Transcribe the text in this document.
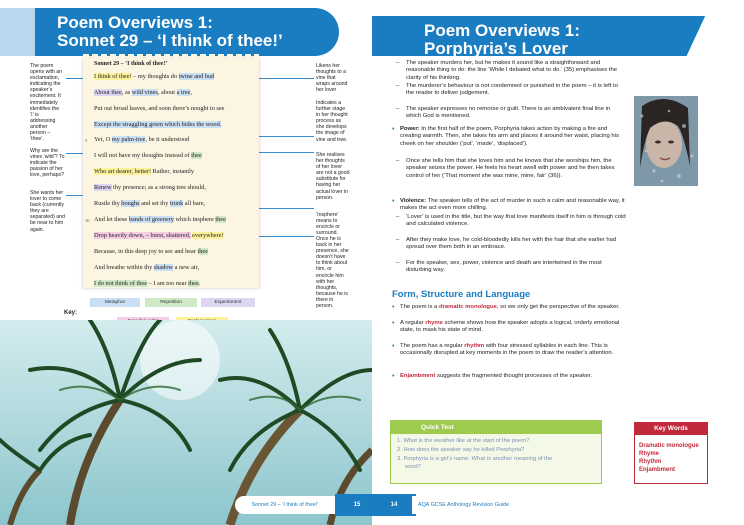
Poem Overviews 1:
Sonnet 29 – ‘I think of thee!’
The poem opens with an exclamation, indicating the speaker’s excitement. It immediately identifies the ‘I’ is addressing another person – ‘thee’.
Why are the vines ‘wild’? To indicate the passion of her love, perhaps?
She wants her lover to come back (currently they are separated) and be near to him again.
Likens her thoughts to a vine that wraps around her lover
Indicates a further stage in her thought process as she develops the image of vine and tree.
She realises her thoughts of her lover are not a good substitute for having her actual lover in person.
‘Insphere’ means to encircle or surround.
Once he is back in her presence, she doesn’t have to think about him, or encircle him with her thoughts, because he is there in person.
Sonnet 29 – ‘I think of thee!’
I think of thee! – my thoughts do twine and bud
About thee, as wild vines, about a tree,
Put out broad leaves, and soon there’s nought to see
Except the straggling green which hides the wood.
5 Yet, O my palm-tree, be it understood
I will not have my thoughts instead of thee
Who art dearer, better! Rather, instantly
Renew thy presence; as a strong tree should,
Rustle thy boughs and set thy trunk all bare,
10 And let these bands of greenery which insphere thee
Drop heavily down, – burst, shattered, everywhere!
Because, in this deep joy to see and hear thee
And breathe within thy shadow a new air,
I do not think of thee – I am too near thee.
Key:
Metaphor	Repetition	Enjambment
Sonnet 29 – ‘I think of thee!’	15
Poem Overviews 1:
Porphyria’s Lover
– The speaker murders her, but he makes it sound like a straightforward and reasonable thing to do: the line ‘While I debated what to do.’ (35) emphasises the clarity of his thinking.
– The murderer’s behaviour is not condemned or punished in the poem – it is left to the reader to deliver judgement.
– The speaker expresses no remorse or guilt. There is an ambivalent final line in which God is mentioned.
• Power: In the first half of the poem, Porphyria takes action by making a fire and creating warmth. Then, she takes his arm and places it around her waist, placing his cheek on her shoulder (‘put’, ‘made’, ‘displaced’).
– Once she tells him that she loves him and he knows that she worships him, the speaker seizes the power. He feels his heart swell with power and he then takes control of her (‘That moment she was mine, mine, fair’ (36)).
• Violence: The speaker tells of the act of murder in such a calm and reasonable way, it makes the act even more chilling.
– ‘Lover’ is used in the title, but the way that love manifests itself in him is through cold and calculated violence.
– After they make love, he cold-bloodedly kills her with the hair that she earlier had spread over them both in an embrace.
– For the speaker, sex, power, violence and death are intertwined in the most disturbing way.
Form, Structure and Language
• The poem is a dramatic monologue, so we only get the perspective of the speaker.
• A regular rhyme scheme shows how the speaker adopts a logical, orderly emotional state, to mask his state of mind.
• The poem has a regular rhythm with four stressed syllables in each line. This is occasionally disrupted at key moments in the poem to draw the reader’s attention.
• Enjambment suggests the fragmented thought processes of the speaker.
Quick Test
1. What is the weather like at the start of the poem?
2. How does the speaker say he killed Porphyria?
3. Porphyria is a girl’s name. What is another meaning of the
word?
Key Words
Dramatic monologue
Rhyme
Rhythm
Enjambment
14	AQA GCSE Anthology Revision Guide
